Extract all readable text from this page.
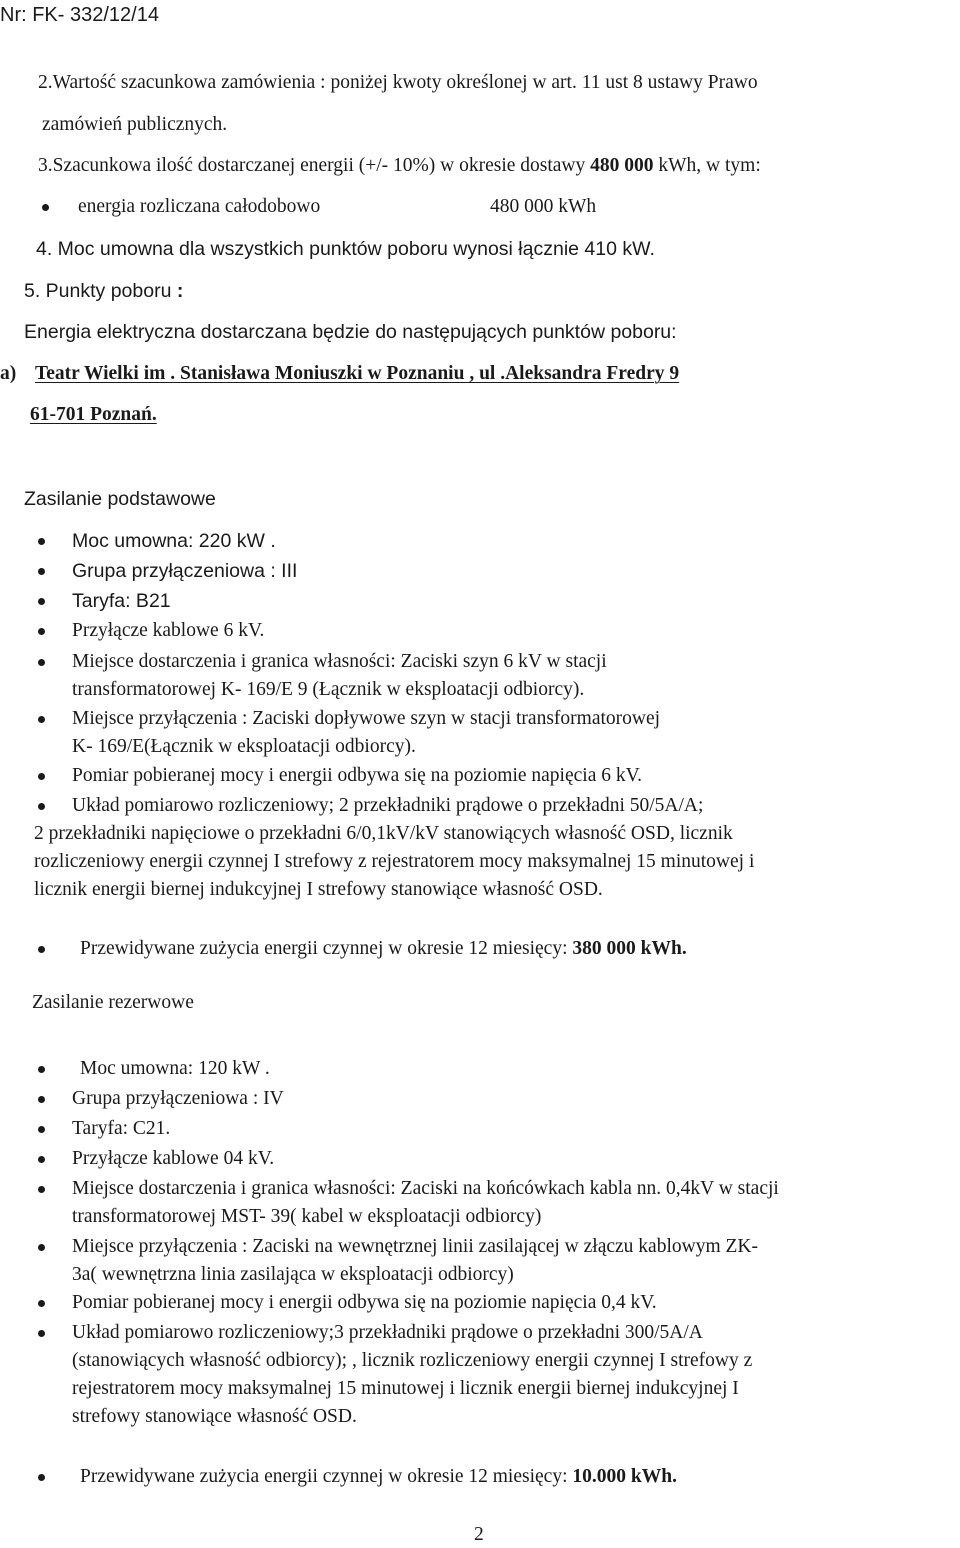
Nr: FK- 332/12/14
2.Wartość szacunkowa zamówienia : poniżej kwoty określonej w art. 11 ust 8 ustawy Prawo
zamówień publicznych.
3.Szacunkowa ilość dostarczanej energii (+/- 10%) w okresie dostawy 480 000 kWh, w tym:
energia rozliczana całodobowo	480 000 kWh
4. Moc umowna dla wszystkich punktów poboru wynosi łącznie 410 kW.
5. Punkty poboru :
Energia elektryczna dostarczana będzie do następujących punktów poboru:
a) Teatr Wielki im . Stanisława Moniuszki w Poznaniu , ul .Aleksandra Fredry 9
61-701 Poznań.
Zasilanie podstawowe
Moc umowna: 220 kW .
Grupa przyłączeniowa : III
Taryfa: B21
Przyłącze kablowe 6 kV.
Miejsce dostarczenia i granica własności: Zaciski szyn 6 kV w stacji
transformatorowej K- 169/E 9 (Łącznik w eksploatacji odbiorcy).
Miejsce przyłączenia : Zaciski dopływowe szyn w stacji transformatorowej
K- 169/E(Łącznik w eksploatacji odbiorcy).
Pomiar pobieranej mocy i energii odbywa się na poziomie napięcia 6 kV.
Układ pomiarowo rozliczeniowy; 2 przekładniki prądowe o przekładni 50/5A/A;
2 przekładniki napięciowe o przekładni 6/0,1kV/kV stanowiących własność OSD, licznik
rozliczeniowy energii czynnej I strefowy z rejestratorem mocy maksymalnej 15 minutowej i
licznik energii biernej indukcyjnej I strefowy stanowiące własność OSD.
Przewidywane zużycia energii czynnej w okresie 12 miesięcy: 380 000 kWh.
Zasilanie rezerwowe
Moc umowna: 120 kW .
Grupa przyłączeniowa : IV
Taryfa: C21.
Przyłącze kablowe 04 kV.
Miejsce dostarczenia i granica własności: Zaciski na końcówkach kabla nn. 0,4kV w stacji
transformatorowej MST- 39( kabel w eksploatacji odbiorcy)
Miejsce przyłączenia : Zaciski na wewnętrznej linii zasilającej w złączu kablowym ZK-
3a( wewnętrzna linia zasilająca w eksploatacji odbiorcy)
Pomiar pobieranej mocy i energii odbywa się na poziomie napięcia 0,4 kV.
Układ pomiarowo rozliczeniowy;3 przekładniki prądowe o przekładni 300/5A/A
(stanowiących własność odbiorcy); , licznik rozliczeniowy energii czynnej I strefowy z
rejestratorem mocy maksymalnej 15 minutowej i licznik energii biernej indukcyjnej I
strefowy stanowiące własność OSD.
Przewidywane zużycia energii czynnej w okresie 12 miesięcy: 10.000 kWh.
2
